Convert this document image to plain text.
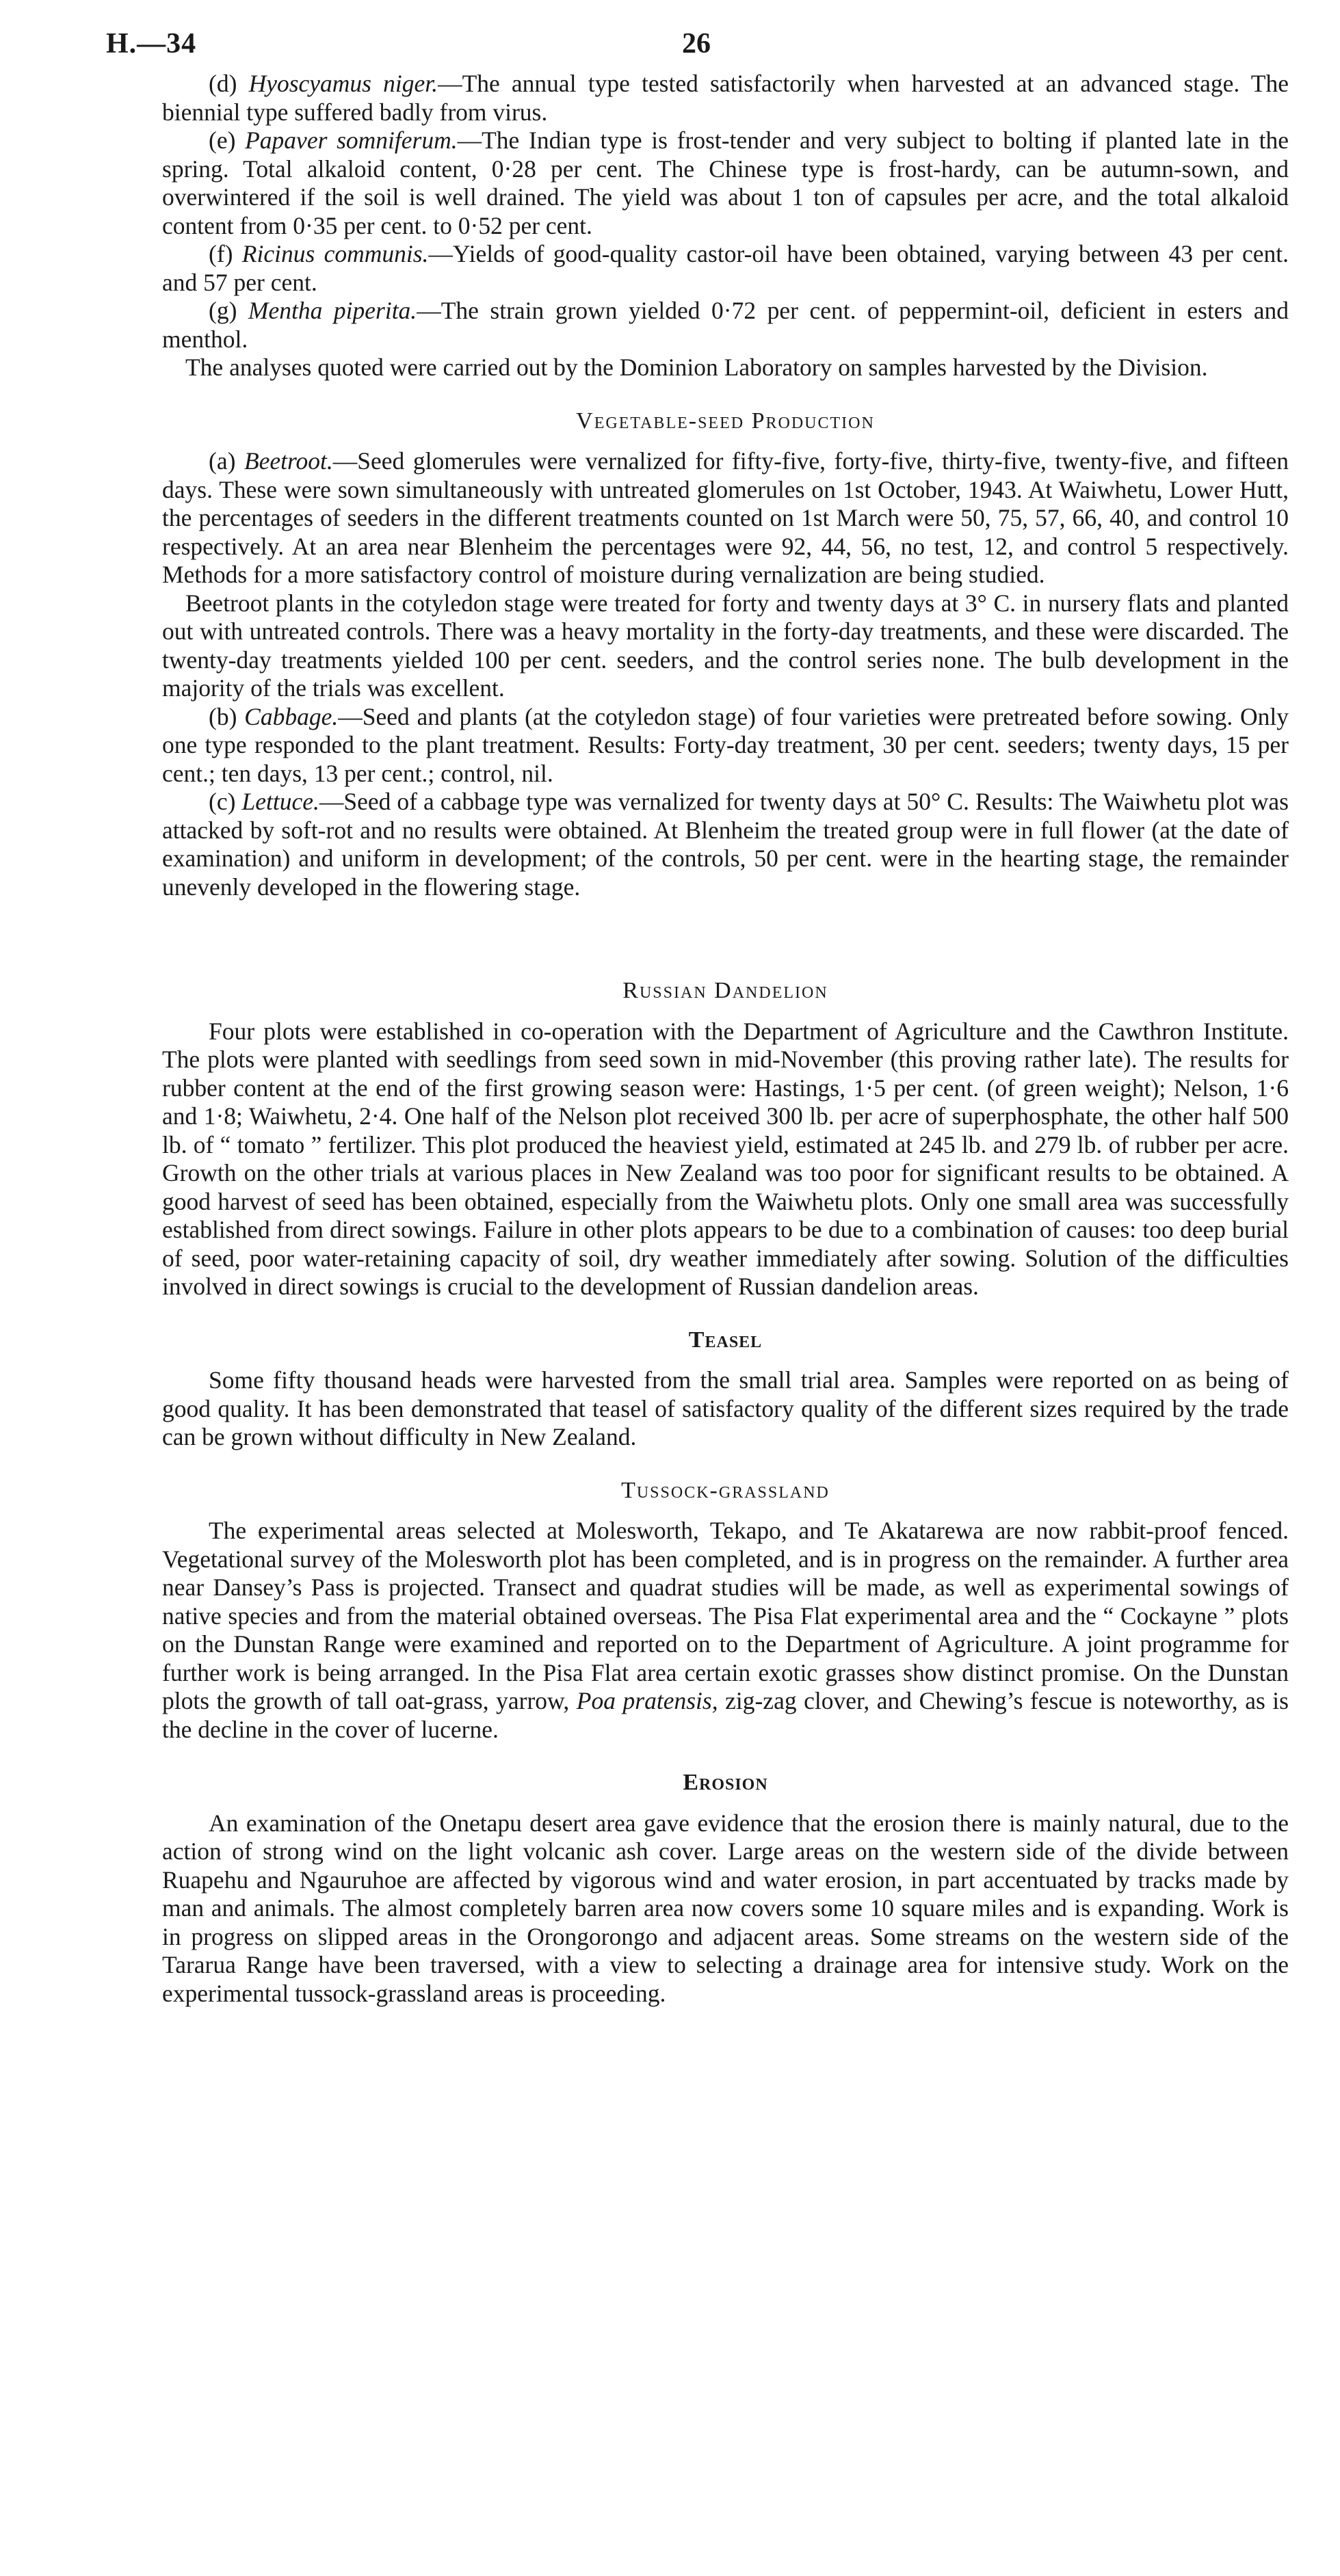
H.—34	26

(d) Hyoscyamus niger.—The annual type tested satisfactorily when harvested at an advanced stage. The biennial type suffered badly from virus.

(e) Papaver somniferum.—The Indian type is frost-tender and very subject to bolting if planted late in the spring. Total alkaloid content, 0·28 per cent. The Chinese type is frost-hardy, can be autumn-sown, and overwintered if the soil is well drained. The yield was about 1 ton of capsules per acre, and the total alkaloid content from 0·35 per cent. to 0·52 per cent.

(f) Ricinus communis.—Yields of good-quality castor-oil have been obtained, varying between 43 per cent. and 57 per cent.

(g) Mentha piperita.—The strain grown yielded 0·72 per cent. of peppermint-oil, deficient in esters and menthol.

The analyses quoted were carried out by the Dominion Laboratory on samples harvested by the Division.

Vegetable-seed Production

(a) Beetroot.—Seed glomerules were vernalized for fifty-five, forty-five, thirty-five, twenty-five, and fifteen days. These were sown simultaneously with untreated glomerules on 1st October, 1943. At Waiwhetu, Lower Hutt, the percentages of seeders in the different treatments counted on 1st March were 50, 75, 57, 66, 40, and control 10 respectively. At an area near Blenheim the percentages were 92, 44, 56, no test, 12, and control 5 respectively. Methods for a more satisfactory control of moisture during vernalization are being studied.

Beetroot plants in the cotyledon stage were treated for forty and twenty days at 3° C. in nursery flats and planted out with untreated controls. There was a heavy mortality in the forty-day treatments, and these were discarded. The twenty-day treatments yielded 100 per cent. seeders, and the control series none. The bulb development in the majority of the trials was excellent.

(b) Cabbage.—Seed and plants (at the cotyledon stage) of four varieties were pretreated before sowing. Only one type responded to the plant treatment. Results: Forty-day treatment, 30 per cent. seeders; twenty days, 15 per cent.; ten days, 13 per cent.; control, nil.

(c) Lettuce.—Seed of a cabbage type was vernalized for twenty days at 50° C. Results: The Waiwhetu plot was attacked by soft-rot and no results were obtained. At Blenheim the treated group were in full flower (at the date of examination) and uniform in development; of the controls, 50 per cent. were in the hearting stage, the remainder unevenly developed in the flowering stage.

Russian Dandelion

Four plots were established in co-operation with the Department of Agriculture and the Cawthron Institute. The plots were planted with seedlings from seed sown in mid-November (this proving rather late). The results for rubber content at the end of the first growing season were: Hastings, 1·5 per cent. (of green weight); Nelson, 1·6 and 1·8; Waiwhetu, 2·4. One half of the Nelson plot received 300 lb. per acre of superphosphate, the other half 500 lb. of “ tomato ” fertilizer. This plot produced the heaviest yield, estimated at 245 lb. and 279 lb. of rubber per acre. Growth on the other trials at various places in New Zealand was too poor for significant results to be obtained. A good harvest of seed has been obtained, especially from the Waiwhetu plots. Only one small area was successfully established from direct sowings. Failure in other plots appears to be due to a combination of causes: too deep burial of seed, poor water-retaining capacity of soil, dry weather immediately after sowing. Solution of the difficulties involved in direct sowings is crucial to the development of Russian dandelion areas.

Teasel

Some fifty thousand heads were harvested from the small trial area. Samples were reported on as being of good quality. It has been demonstrated that teasel of satisfactory quality of the different sizes required by the trade can be grown without difficulty in New Zealand.

Tussock-grassland

The experimental areas selected at Molesworth, Tekapo, and Te Akatarewa are now rabbit-proof fenced. Vegetational survey of the Molesworth plot has been completed, and is in progress on the remainder. A further area near Dansey’s Pass is projected. Transect and quadrat studies will be made, as well as experimental sowings of native species and from the material obtained overseas. The Pisa Flat experimental area and the “ Cockayne ” plots on the Dunstan Range were examined and reported on to the Department of Agriculture. A joint programme for further work is being arranged. In the Pisa Flat area certain exotic grasses show distinct promise. On the Dunstan plots the growth of tall oat-grass, yarrow, Poa pratensis, zig-zag clover, and Chewing’s fescue is noteworthy, as is the decline in the cover of lucerne.

Erosion

An examination of the Onetapu desert area gave evidence that the erosion there is mainly natural, due to the action of strong wind on the light volcanic ash cover. Large areas on the western side of the divide between Ruapehu and Ngauruhoe are affected by vigorous wind and water erosion, in part accentuated by tracks made by man and animals. The almost completely barren area now covers some 10 square miles and is expanding. Work is in progress on slipped areas in the Orongorongo and adjacent areas. Some streams on the western side of the Tararua Range have been traversed, with a view to selecting a drainage area for intensive study. Work on the experimental tussock-grassland areas is proceeding.
